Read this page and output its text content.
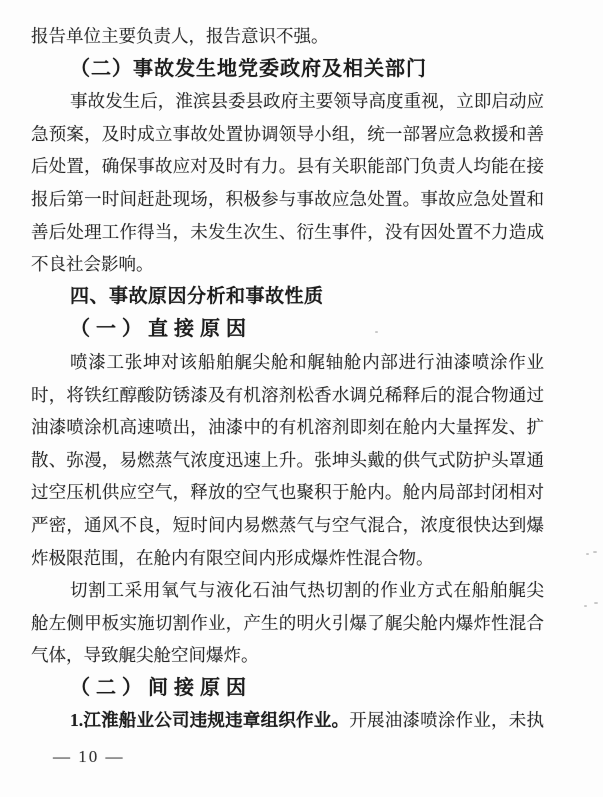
报告单位主要负责人，报告意识不强。
（二）事故发生地党委政府及相关部门
事故发生后，淮滨县委县政府主要领导高度重视，立即启动应
急预案，及时成立事故处置协调领导小组，统一部署应急救援和善
后处置，确保事故应对及时有力。县有关职能部门负责人均能在接
报后第一时间赶赴现场，积极参与事故应急处置。事故应急处置和
善后处理工作得当，未发生次生、衍生事件，没有因处置不力造成
不良社会影响。
四、事故原因分析和事故性质
（一）直接原因
喷漆工张坤对该船舶艉尖舱和艉轴舱内部进行油漆喷涂作业
时，将铁红醇酸防锈漆及有机溶剂松香水调兑稀释后的混合物通过
油漆喷涂机高速喷出，油漆中的有机溶剂即刻在舱内大量挥发、扩
散、弥漫，易燃蒸气浓度迅速上升。张坤头戴的供气式防护头罩通
过空压机供应空气，释放的空气也聚积于舱内。舱内局部封闭相对
严密，通风不良，短时间内易燃蒸气与空气混合，浓度很快达到爆
炸极限范围，在舱内有限空间内形成爆炸性混合物。
切割工采用氧气与液化石油气热切割的作业方式在船舶艉尖
舱左侧甲板实施切割作业，产生的明火引爆了艉尖舱内爆炸性混合
气体，导致艉尖舱空间爆炸。
（二）间接原因
1.江淮船业公司违规违章组织作业。开展油漆喷涂作业，未执
— 10 —
